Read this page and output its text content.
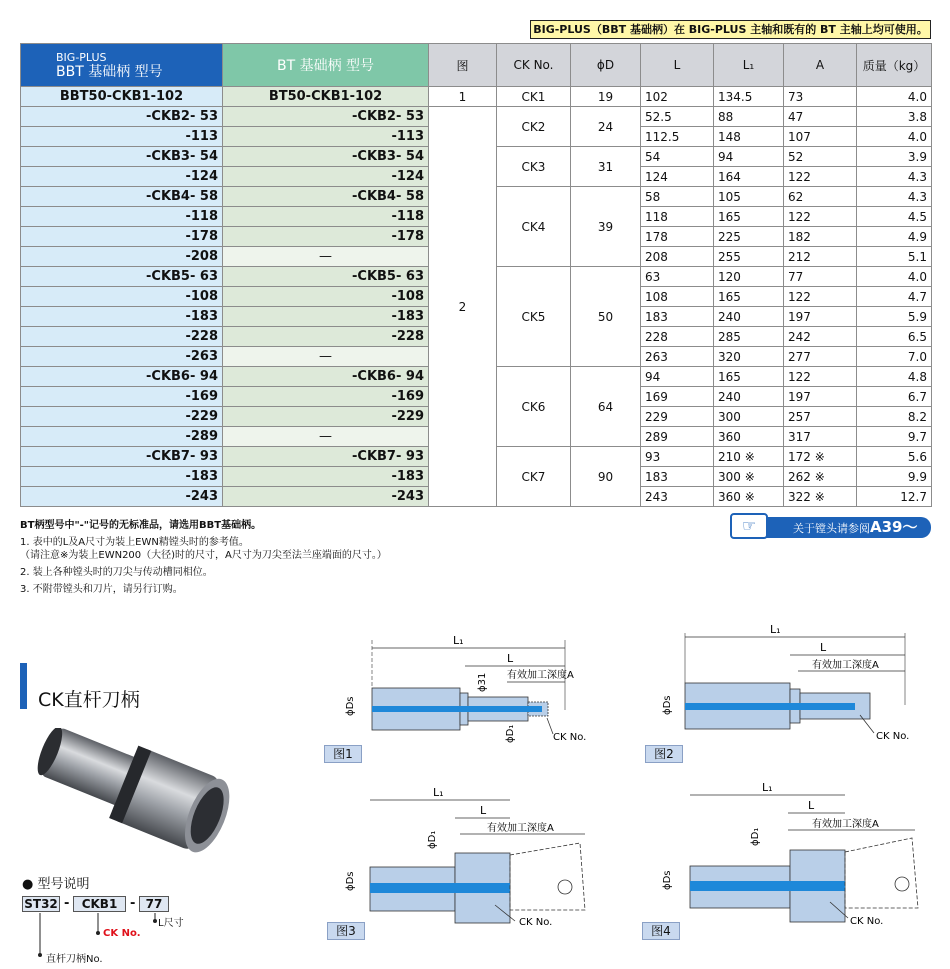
BIG-PLUS（BBT 基础柄）在 BIG-PLUS 主轴和既有的 BT 主轴上均可使用。
BIG-PLUS
BBT 基础柄 型号	BT 基础柄 型号	图	CK No.	ϕD	L	L₁	A	质量（kg）
BBT50-CKB1-102	BT50-CKB1-102	1	CK1	19	102	134.5	73	4.0
-CKB2- 53	-CKB2- 53	2	CK2	24	52.5	88	47	3.8
-113	-113				112.5	148	107	4.0
-CKB3- 54	-CKB3- 54		CK3	31	54	94	52	3.9
-124	-124				124	164	122	4.3
-CKB4- 58	-CKB4- 58		CK4	39	58	105	62	4.3
-118	-118				118	165	122	4.5
-178	-178				178	225	182	4.9
-208	—				208	255	212	5.1
-CKB5- 63	-CKB5- 63		CK5	50	63	120	77	4.0
-108	-108				108	165	122	4.7
-183	-183				183	240	197	5.9
-228	-228				228	285	242	6.5
-263	—				263	320	277	7.0
-CKB6- 94	-CKB6- 94		CK6	64	94	165	122	4.8
-169	-169				169	240	197	6.7
-229	-229				229	300	257	8.2
-289	—				289	360	317	9.7
-CKB7- 93	-CKB7- 93		CK7	90	93	210 ※	172 ※	5.6
-183	-183				183	300 ※	262 ※	9.9
-243	-243				243	360 ※	322 ※	12.7
BT柄型号中"-"记号的无标准品，请选用BBT基础柄。
1. 表中的L及A尺寸为装上EWN精镗头时的参考值。
（请注意※为装上EWN200（大径)时的尺寸，A尺寸为刀尖至法兰座端面的尺寸。）
2. 装上各种镗头时的刀尖与传动槽同相位。
3. 不附带镗头和刀片，请另行订购。
关于镗头请参阅A39～
☞
CK直杆刀柄
● 型号说明
ST32 -	CKB1 - 77
L尺寸
CK No.
直杆刀柄No.
L₁
L
有效加工深度A
ϕDs
ϕ31
ϕD₁	CK No.
图1
L₁
L
有效加工深度A
ϕDs
CK No.
图2
L₁
L
有效加工深度A
ϕDs
ϕD₁
CK No.
图3
L₁
L
有效加工深度A
ϕDs
ϕD₁
CK No.
图4
